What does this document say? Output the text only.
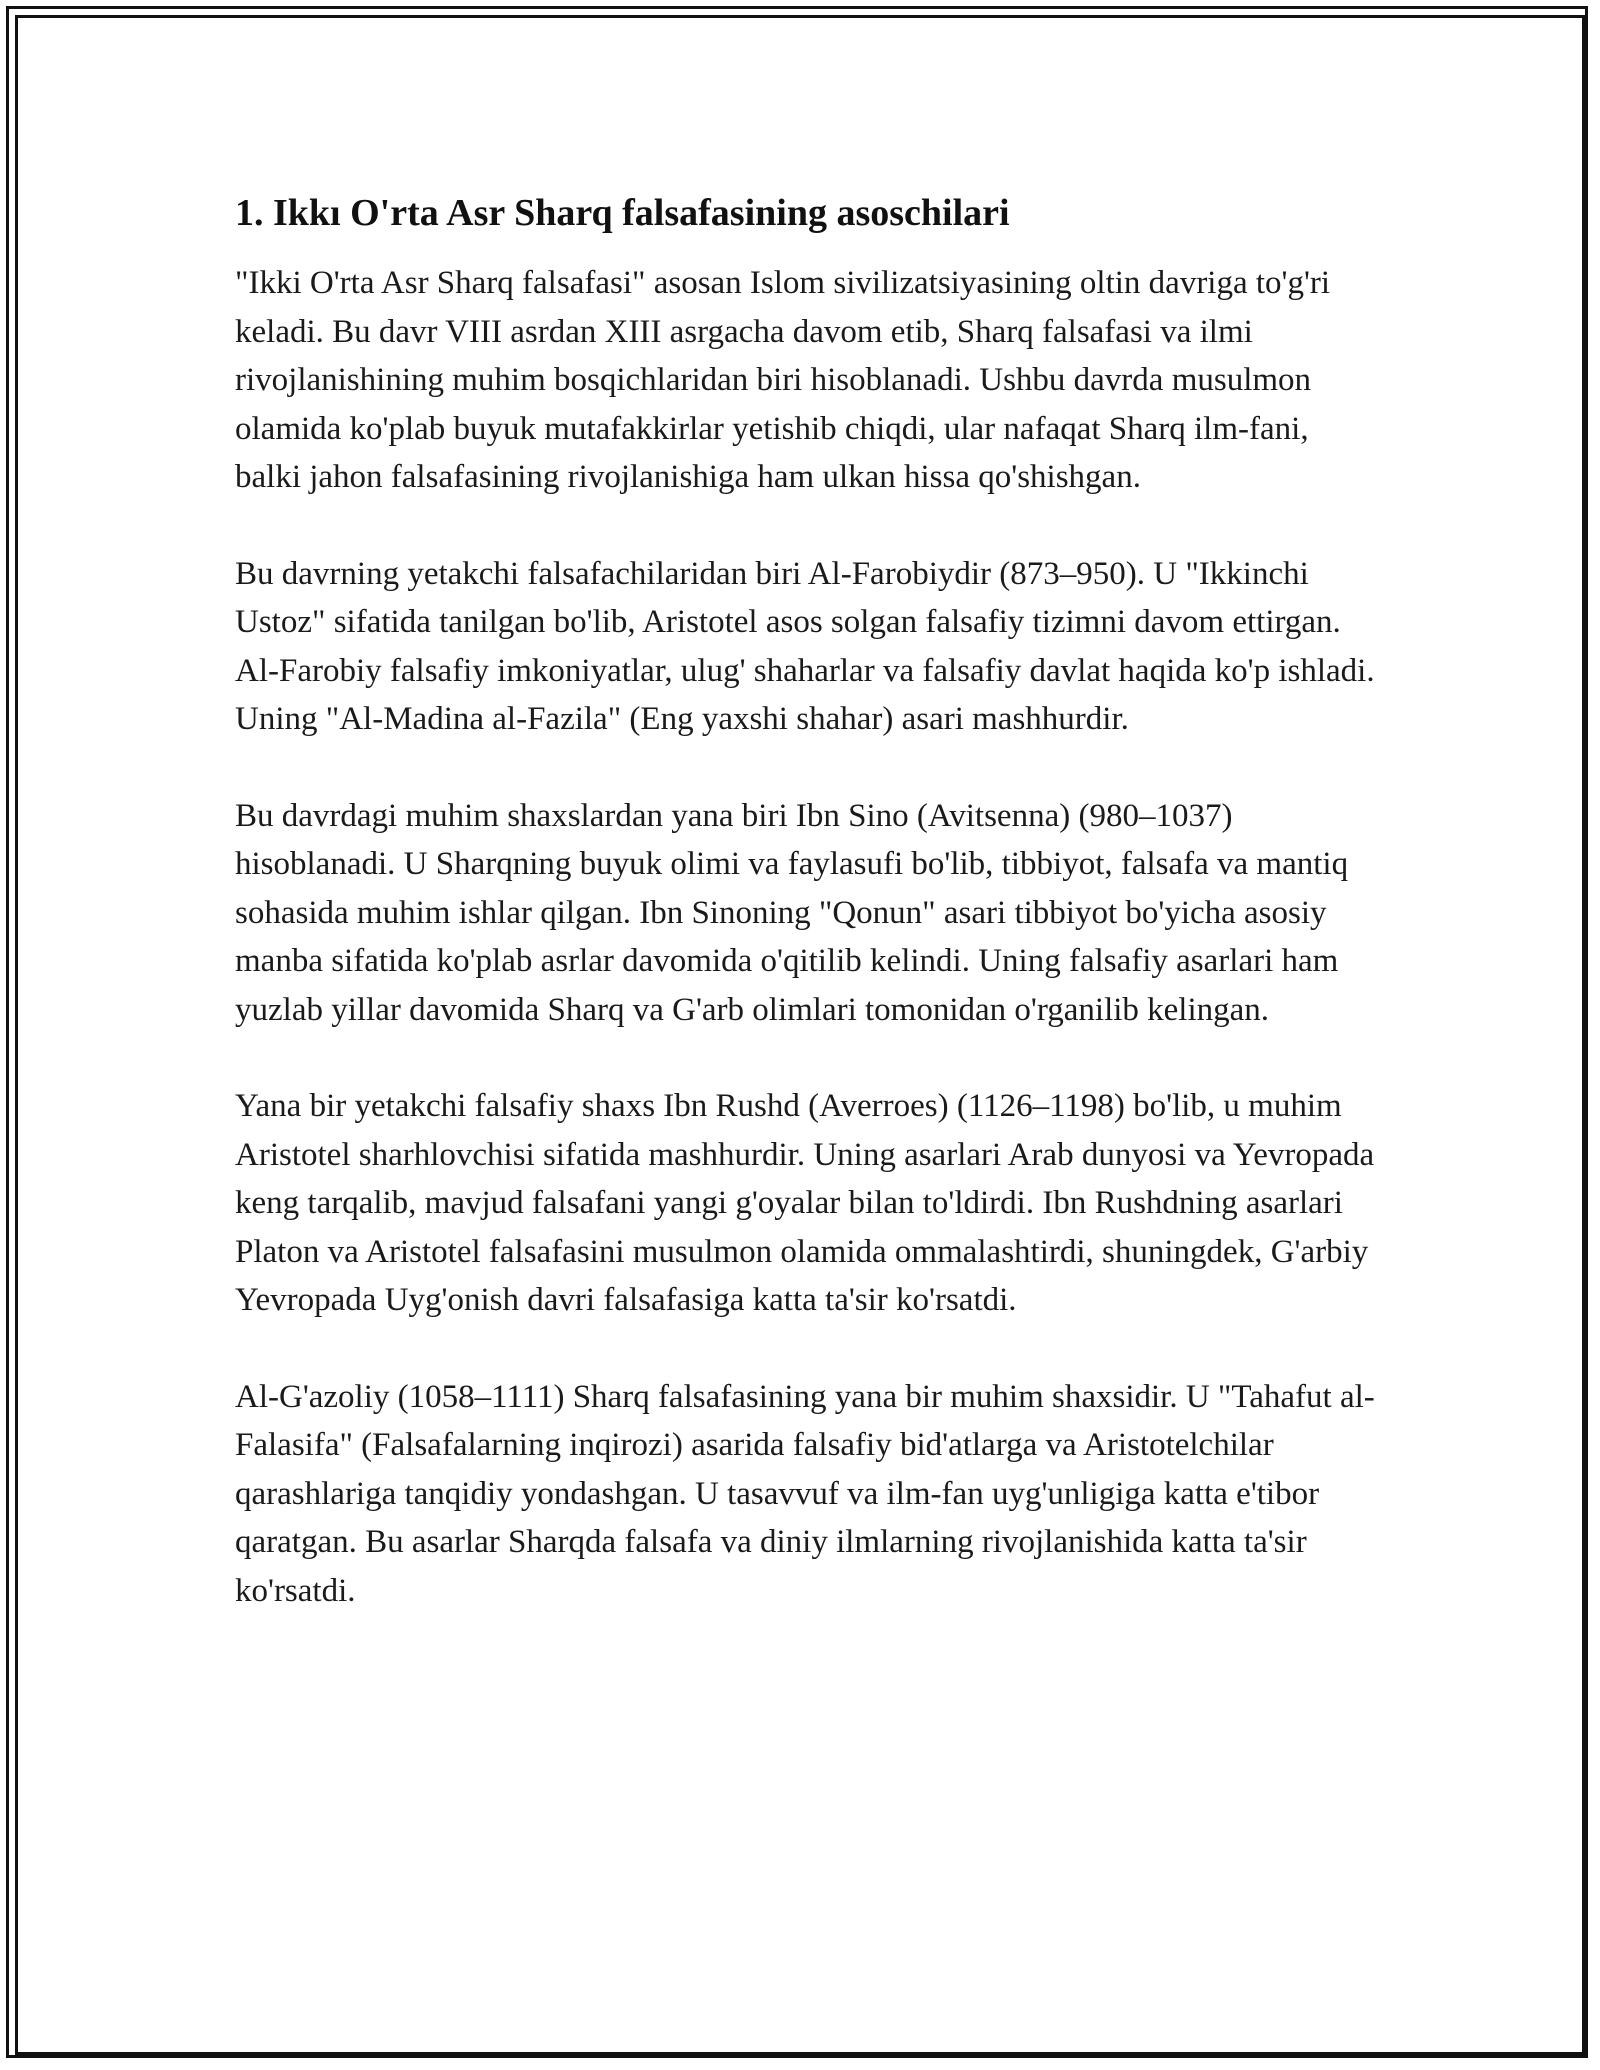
1. Ikkı O'rta Asr Sharq falsafasining asoschilari

"Ikki O'rta Asr Sharq falsafasi" asosan Islom sivilizatsiyasining oltin davriga to'g'ri keladi. Bu davr VIII asrdan XIII asrgacha davom etib, Sharq falsafasi va ilmi rivojlanishining muhim bosqichlaridan biri hisoblanadi. Ushbu davrda musulmon olamida ko'plab buyuk mutafakkirlar yetishib chiqdi, ular nafaqat Sharq ilm-fani, balki jahon falsafasining rivojlanishiga ham ulkan hissa qo'shishgan.

Bu davrning yetakchi falsafachilaridan biri Al-Farobiydir (873–950). U "Ikkinchi Ustoz" sifatida tanilgan bo'lib, Aristotel asos solgan falsafiy tizimni davom ettirgan. Al-Farobiy falsafiy imkoniyatlar, ulug' shaharlar va falsafiy davlat haqida ko'p ishladi. Uning "Al-Madina al-Fazila" (Eng yaxshi shahar) asari mashhurdir.

Bu davrdagi muhim shaxslardan yana biri Ibn Sino (Avitsenna) (980–1037) hisoblanadi. U Sharqning buyuk olimi va faylasufi bo'lib, tibbiyot, falsafa va mantiq sohasida muhim ishlar qilgan. Ibn Sinoning "Qonun" asari tibbiyot bo'yicha asosiy manba sifatida ko'plab asrlar davomida o'qitilib kelindi. Uning falsafiy asarlari ham yuzlab yillar davomida Sharq va G'arb olimlari tomonidan o'rganilib kelingan.

Yana bir yetakchi falsafiy shaxs Ibn Rushd (Averroes) (1126–1198) bo'lib, u muhim Aristotel sharhlovchisi sifatida mashhurdir. Uning asarlari Arab dunyosi va Yevropada keng tarqalib, mavjud falsafani yangi g'oyalar bilan to'ldirdi. Ibn Rushdning asarlari Platon va Aristotel falsafasini musulmon olamida ommalashtirdi, shuningdek, G'arbiy Yevropada Uyg'onish davri falsafasiga katta ta'sir ko'rsatdi.

Al-G'azoliy (1058–1111) Sharq falsafasining yana bir muhim shaxsidir. U "Tahafut al-Falasifa" (Falsafalarning inqirozi) asarida falsafiy bid'atlarga va Aristotelchilar qarashlariga tanqidiy yondashgan. U tasavvuf va ilm-fan uyg'unligiga katta e'tibor qaratgan. Bu asarlar Sharqda falsafa va diniy ilmlarning rivojlanishida katta ta'sir ko'rsatdi.
